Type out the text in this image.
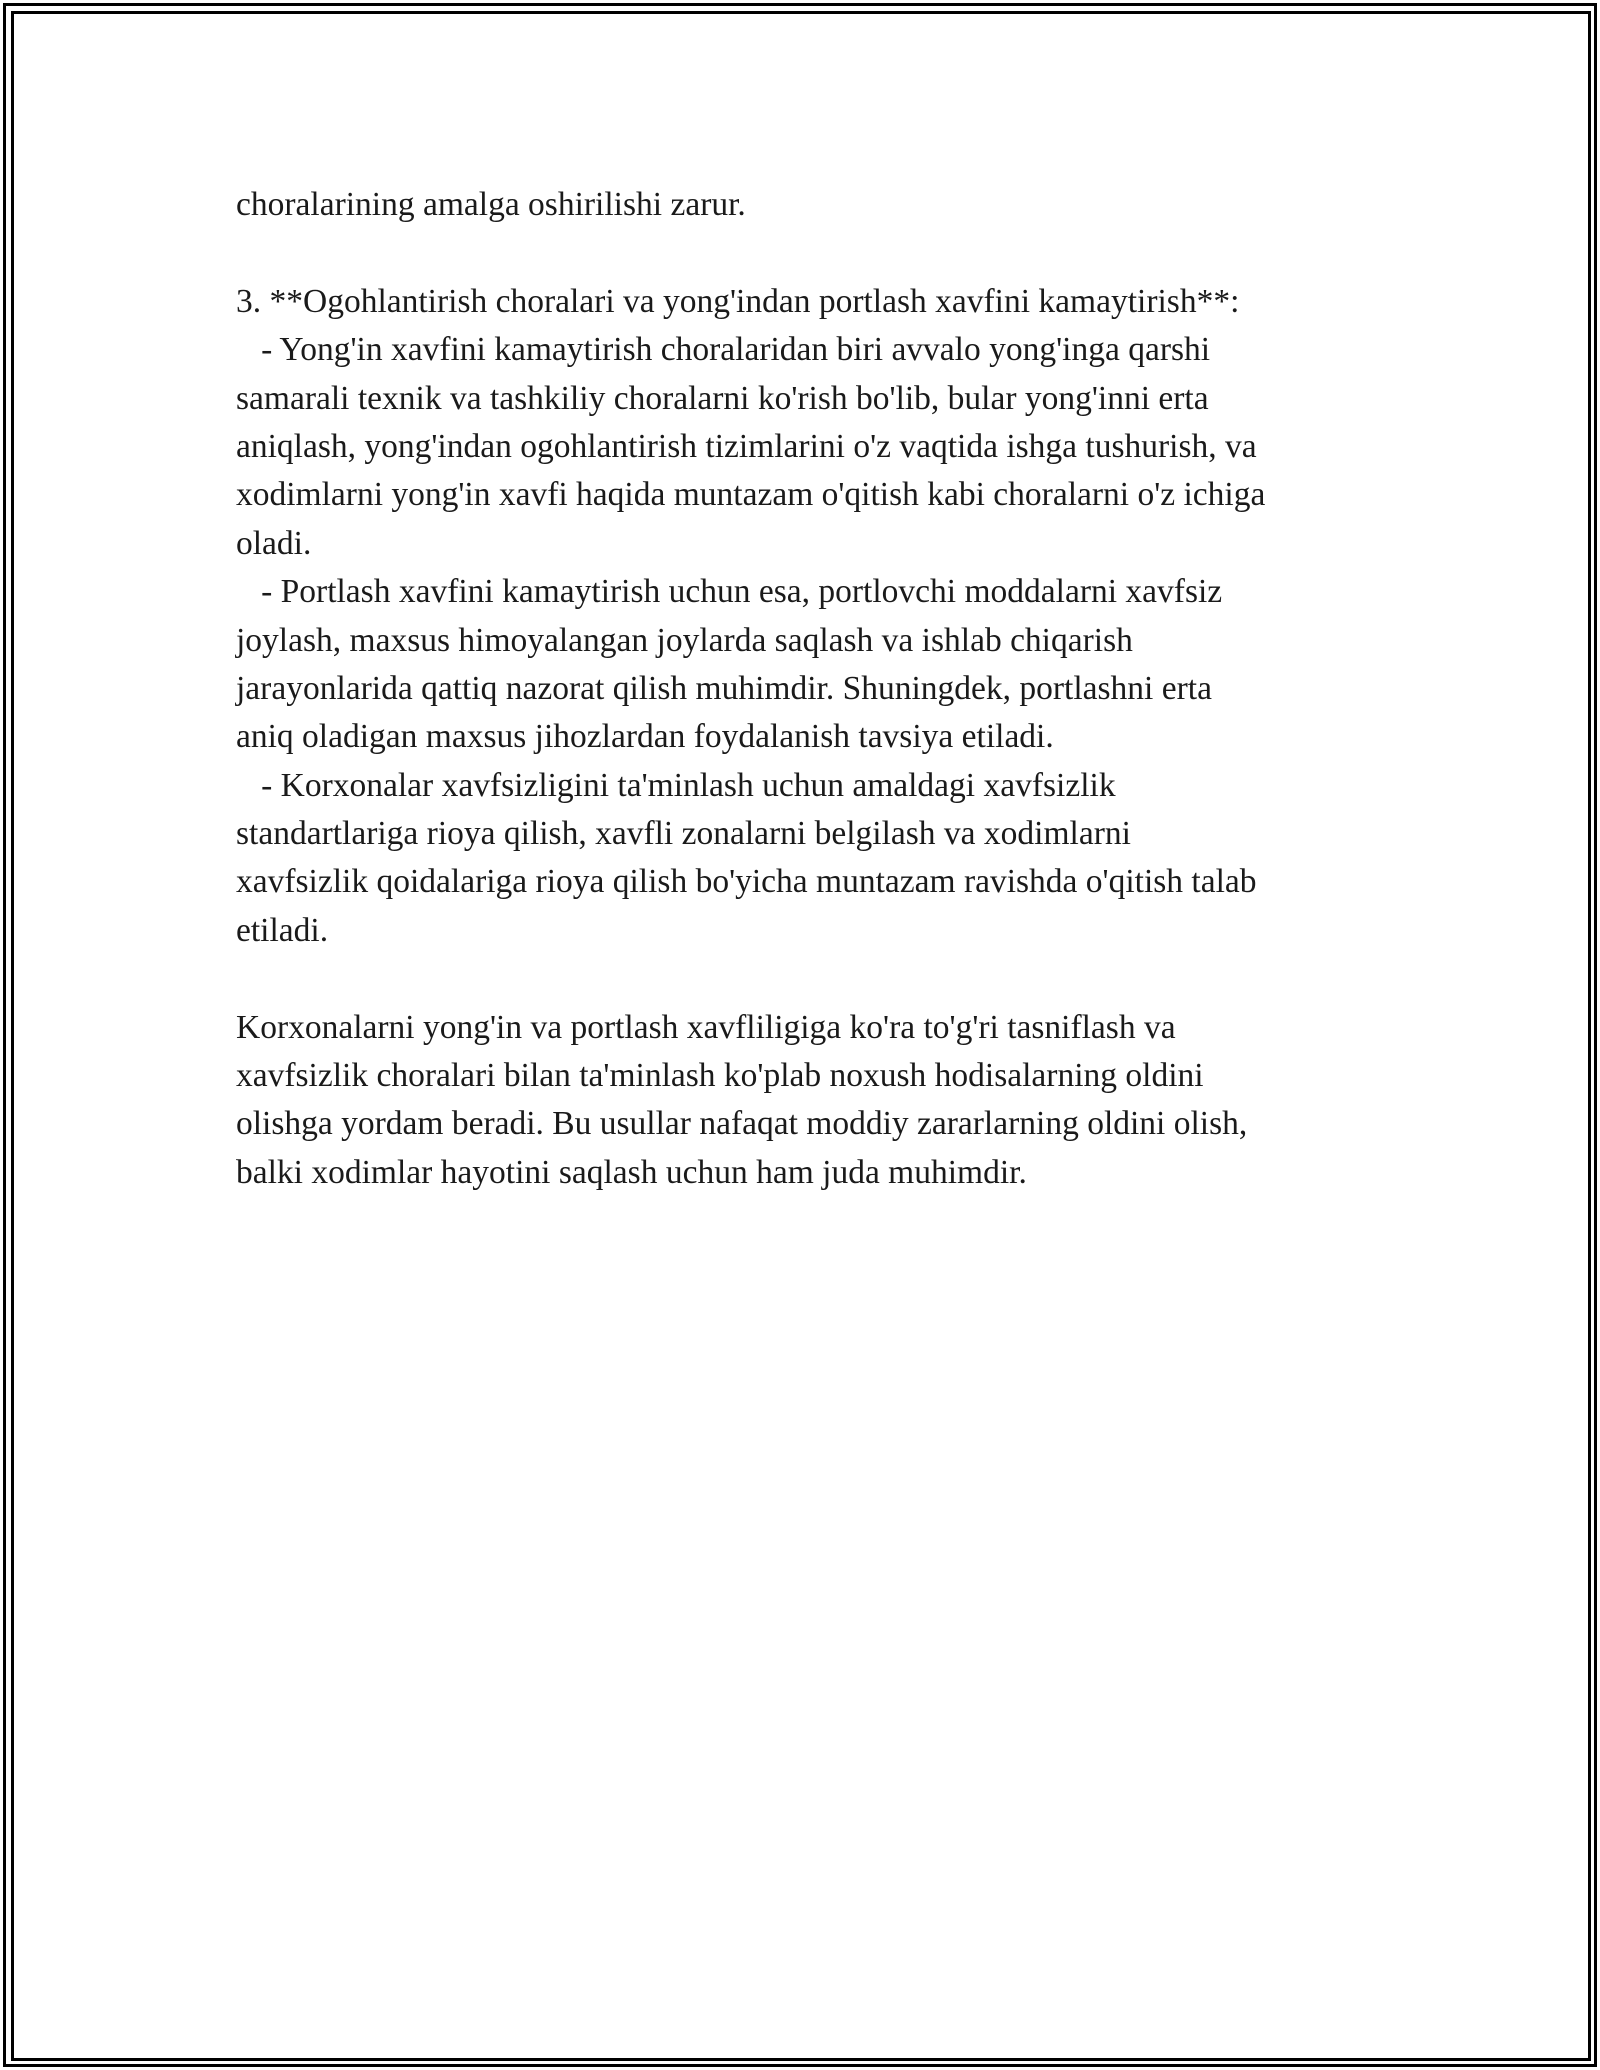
choralarining amalga oshirilishi zarur.
3. **Ogohlantirish choralari va yong'indan portlash xavfini kamaytirish**:
- Yong'in xavfini kamaytirish choralaridan biri avvalo yong'inga qarshi
samarali texnik va tashkiliy choralarni ko'rish bo'lib, bular yong'inni erta
aniqlash, yong'indan ogohlantirish tizimlarini o'z vaqtida ishga tushurish, va
xodimlarni yong'in xavfi haqida muntazam o'qitish kabi choralarni o'z ichiga
oladi.
- Portlash xavfini kamaytirish uchun esa, portlovchi moddalarni xavfsiz
joylash, maxsus himoyalangan joylarda saqlash va ishlab chiqarish
jarayonlarida qattiq nazorat qilish muhimdir. Shuningdek, portlashni erta
aniq oladigan maxsus jihozlardan foydalanish tavsiya etiladi.
- Korxonalar xavfsizligini ta'minlash uchun amaldagi xavfsizlik
standartlariga rioya qilish, xavfli zonalarni belgilash va xodimlarni
xavfsizlik qoidalariga rioya qilish bo'yicha muntazam ravishda o'qitish talab
etiladi.
Korxonalarni yong'in va portlash xavfliligiga ko'ra to'g'ri tasniflash va
xavfsizlik choralari bilan ta'minlash ko'plab noxush hodisalarning oldini
olishga yordam beradi. Bu usullar nafaqat moddiy zararlarning oldini olish,
balki xodimlar hayotini saqlash uchun ham juda muhimdir.
